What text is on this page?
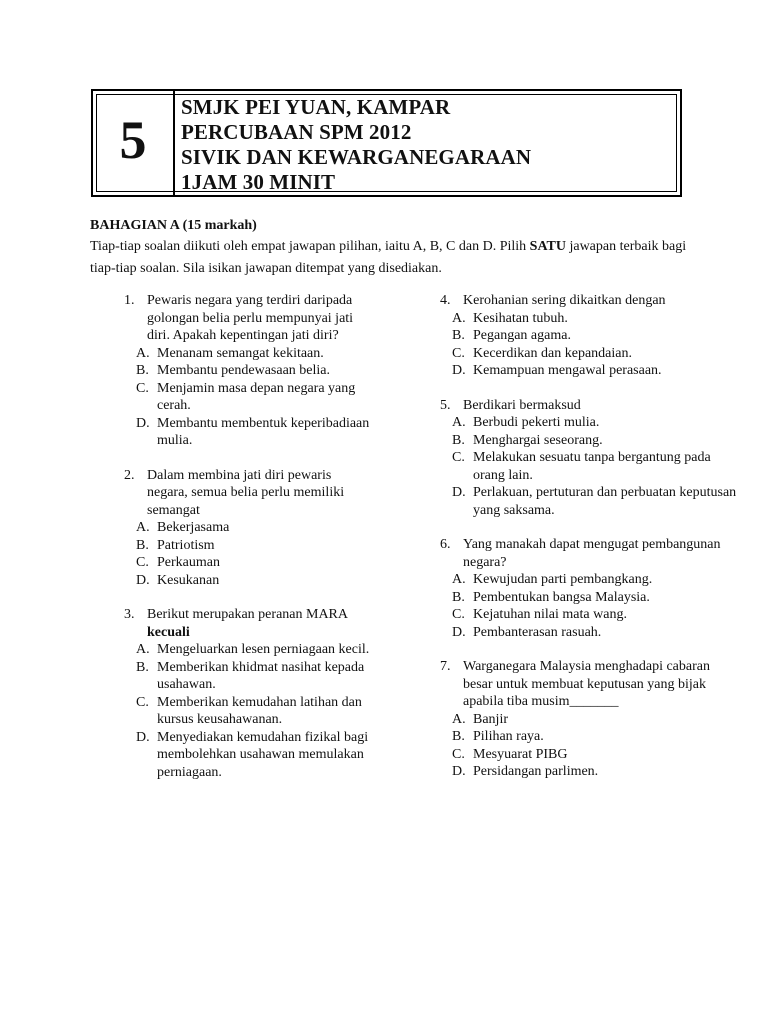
5
SMJK PEI YUAN, KAMPAR
PERCUBAAN SPM 2012
SIVIK DAN KEWARGANEGARAAN
1JAM 30 MINIT
BAHAGIAN A (15 markah)
Tiap-tiap soalan diikuti oleh empat jawapan pilihan, iaitu A, B, C dan D. Pilih SATU jawapan terbaik bagi tiap-tiap soalan. Sila isikan jawapan ditempat yang disediakan.
1. Pewaris negara yang terdiri daripada golongan belia perlu mempunyai jati diri. Apakah kepentingan jati diri?
A. Menanam semangat kekitaan.
B. Membantu pendewasaan belia.
C. Menjamin masa depan negara yang cerah.
D. Membantu membentuk keperibadiaan mulia.
2. Dalam membina jati diri pewaris negara, semua belia perlu memiliki semangat
A. Bekerjasama
B. Patriotism
C. Perkauman
D. Kesukanan
3. Berikut merupakan peranan MARA kecuali
A. Mengeluarkan lesen perniagaan kecil.
B. Memberikan khidmat nasihat kepada usahawan.
C. Memberikan kemudahan latihan dan kursus keusahawanan.
D. Menyediakan kemudahan fizikal bagi membolehkan usahawan memulakan perniagaan.
4. Kerohanian sering dikaitkan dengan
A. Kesihatan tubuh.
B. Pegangan agama.
C. Kecerdikan dan kepandaian.
D. Kemampuan mengawal perasaan.
5. Berdikari bermaksud
A. Berbudi pekerti mulia.
B. Menghargai seseorang.
C. Melakukan sesuatu tanpa bergantung pada orang lain.
D. Perlakuan, pertuturan dan perbuatan keputusan yang saksama.
6. Yang manakah dapat mengugat pembangunan negara?
A. Kewujudan parti pembangkang.
B. Pembentukan bangsa Malaysia.
C. Kejatuhan nilai mata wang.
D. Pembanterasan rasuah.
7. Warganegara Malaysia menghadapi cabaran besar untuk membuat keputusan yang bijak apabila tiba musim_______
A. Banjir
B. Pilihan raya.
C. Mesyuarat PIBG
D. Persidangan parlimen.
